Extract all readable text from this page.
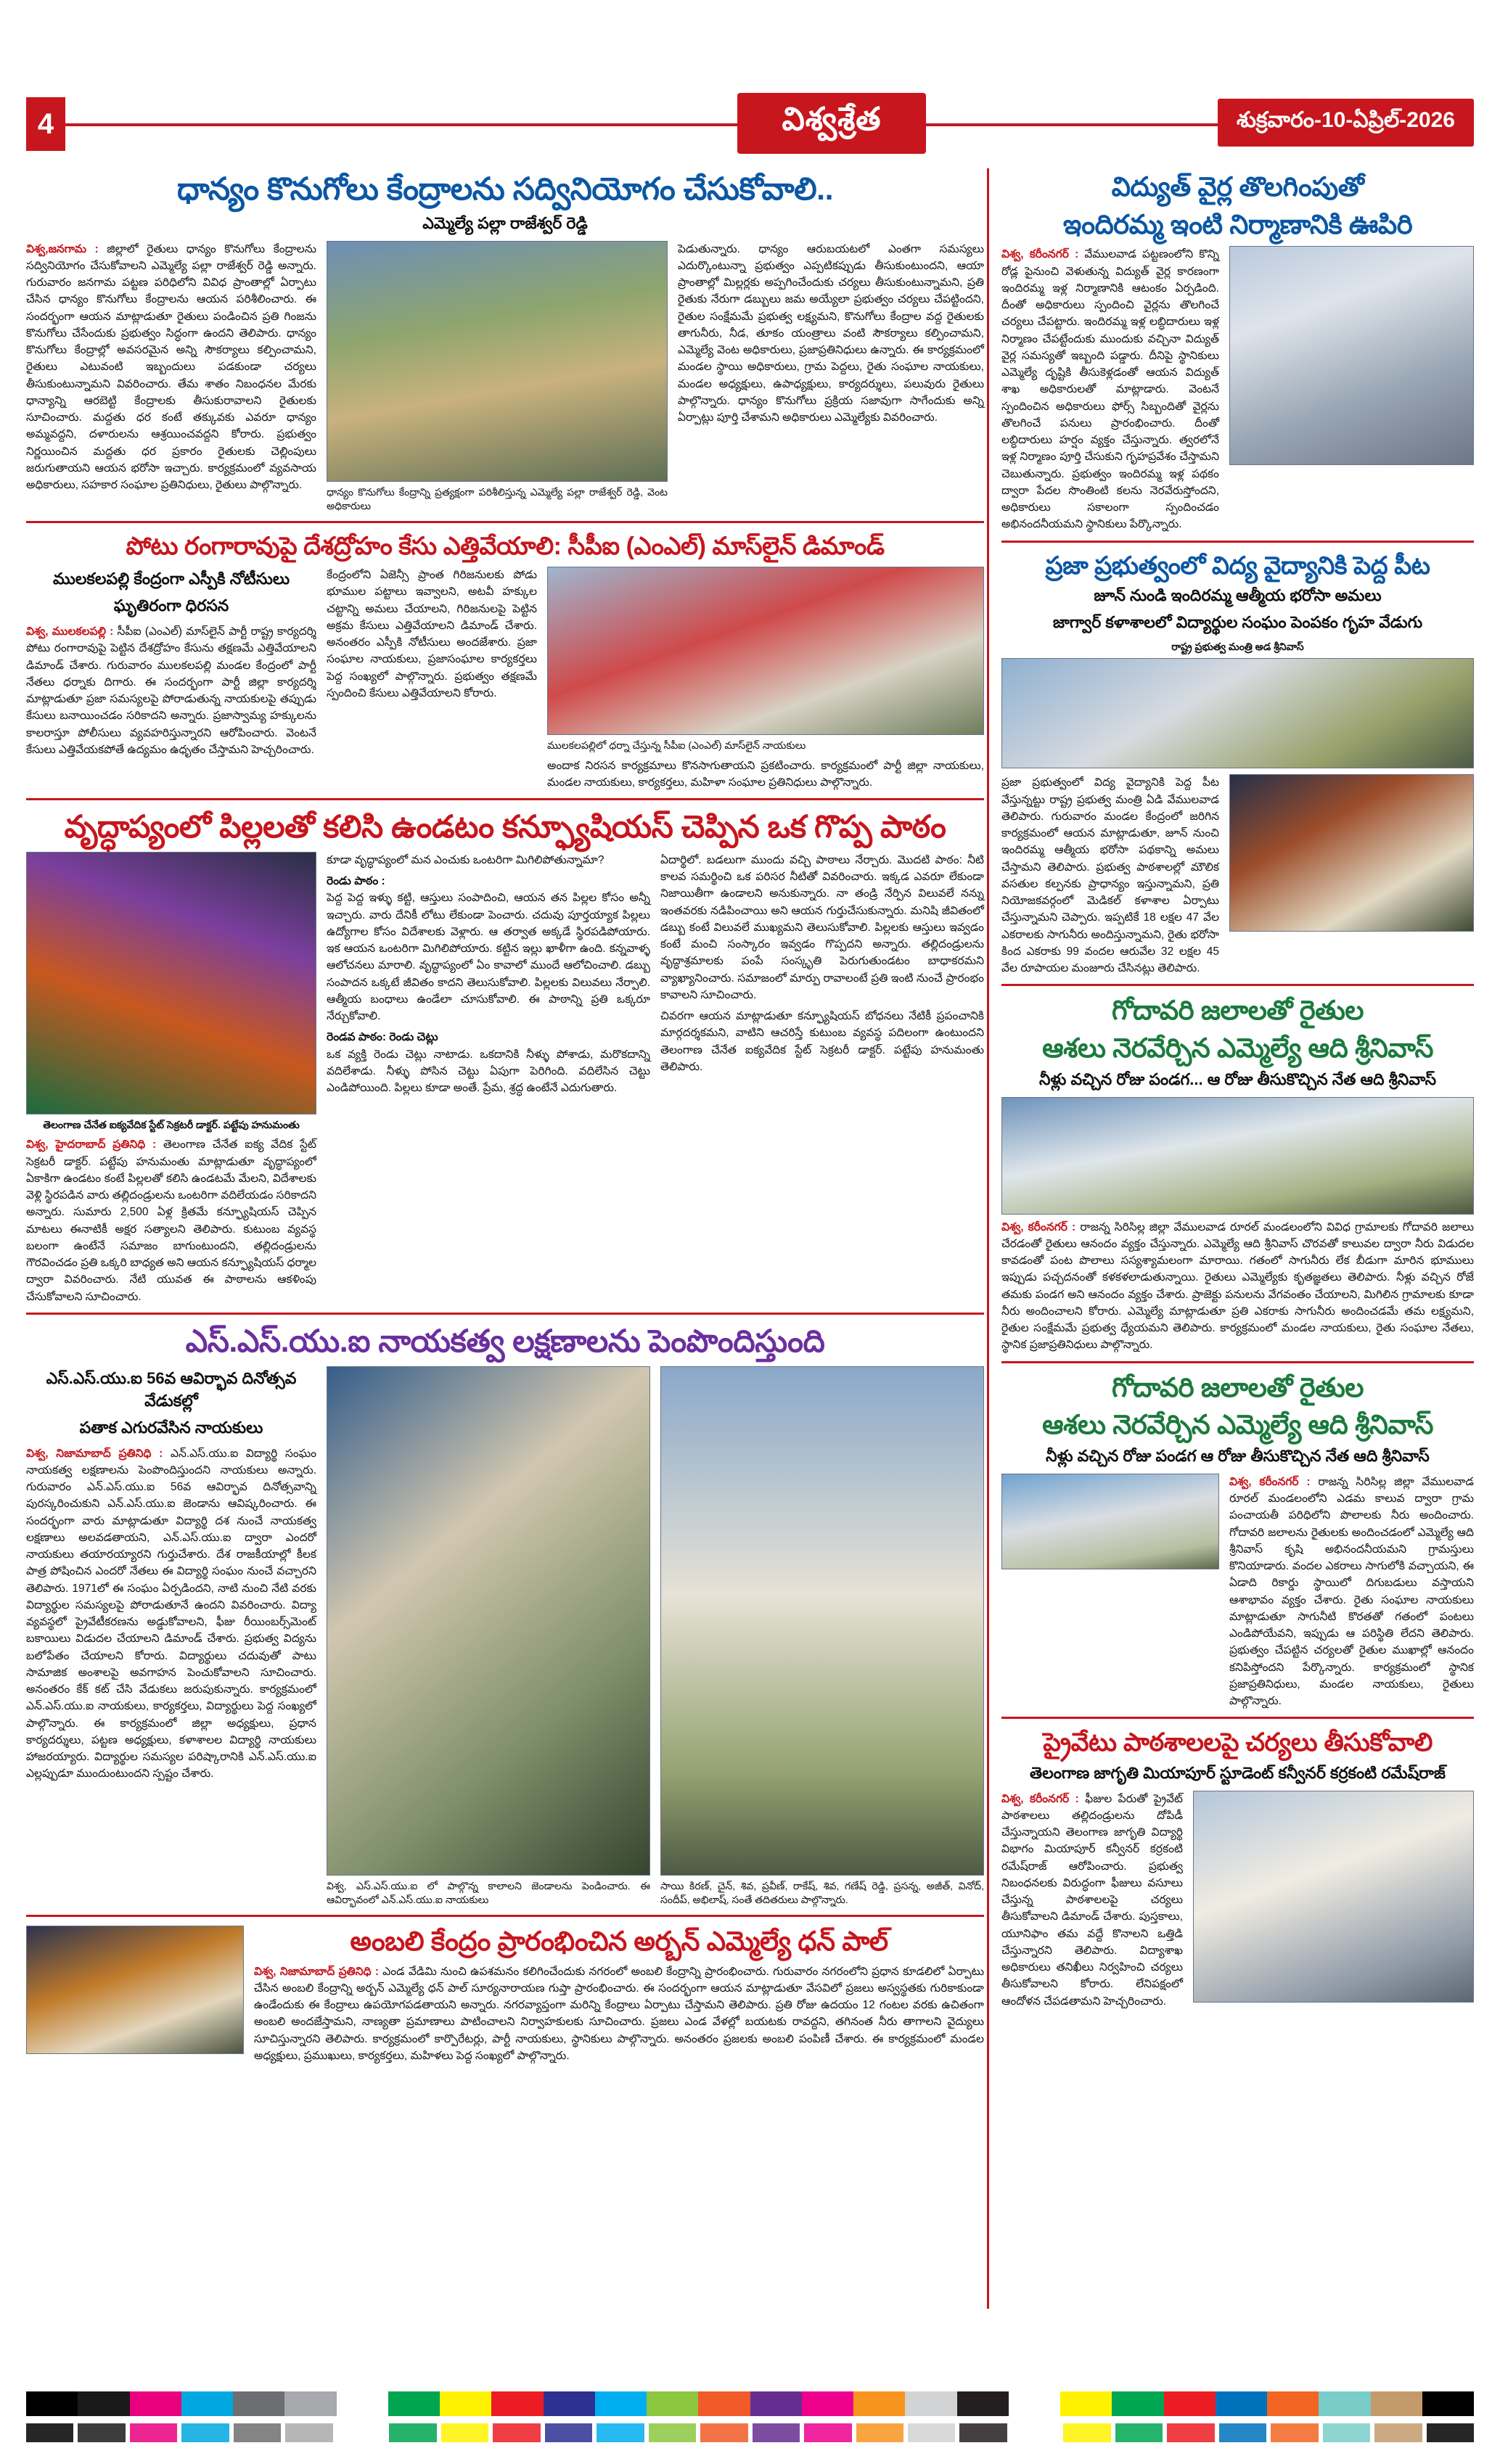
4	విశ్వశ్రేత	శుక్రవారం-10-ఏప్రిల్-2026
ధాన్యం కొనుగోలు కేంద్రాలను సద్వినియోగం చేసుకోవాలి..
ఎమ్మెల్యే పల్లా రాజేశ్వర్ రెడ్డి
విశ్వ,జనగామ : జిల్లాలో రైతులు ధాన్యం కొనుగోలు కేంద్రాలను సద్వినియోగం చేసుకోవాలని ఎమ్మెల్యే పల్లా రాజేశ్వర్ రెడ్డి అన్నారు. గురువారం జనగామ పట్టణ పరిధిలోని వివిధ ప్రాంతాల్లో ఏర్పాటు చేసిన ధాన్యం కొనుగోలు కేంద్రాలను ఆయన పరిశీలించారు. ఈ సందర్భంగా ఆయన మాట్లాడుతూ రైతులు పండించిన ప్రతి గింజను కొనుగోలు చేసేందుకు ప్రభుత్వం సిద్ధంగా ఉందని తెలిపారు. ధాన్యం కొనుగోలు కేంద్రాల్లో అవసరమైన అన్ని సౌకర్యాలు కల్పించామని, రైతులు ఎటువంటి ఇబ్బందులు పడకుండా చర్యలు తీసుకుంటున్నామని వివరించారు. తేమ శాతం నిబంధనల మేరకు ధాన్యాన్ని ఆరబెట్టి కేంద్రాలకు తీసుకురావాలని రైతులకు సూచించారు. మద్దతు ధర కంటే తక్కువకు ఎవరూ ధాన్యం అమ్మవద్దని, దళారులను ఆశ్రయించవద్దని కోరారు. ప్రభుత్వం నిర్ణయించిన మద్దతు ధర ప్రకారం రైతులకు చెల్లింపులు జరుగుతాయని ఆయన భరోసా ఇచ్చారు. కార్యక్రమంలో వ్యవసాయ అధికారులు, సహకార సంఘాల ప్రతినిధులు, రైతులు పాల్గొన్నారు.
ధాన్యం కొనుగోలు కేంద్రాన్ని ప్రత్యక్షంగా పరిశీలిస్తున్న ఎమ్మెల్యే పల్లా రాజేశ్వర్ రెడ్డి, వెంట అధికారులు
పెడుతున్నారు. ధాన్యం ఆరుబయటలో ఎంతగా సమస్యలు ఎదుర్కొంటున్నా ప్రభుత్వం ఎప్పటికప్పుడు తీసుకుంటుందని, ఆయా ప్రాంతాల్లో మిల్లర్లకు అప్పగించేందుకు చర్యలు తీసుకుంటున్నామని, ప్రతి రైతుకు నేరుగా డబ్బులు జమ అయ్యేలా ప్రభుత్వం చర్యలు చేపట్టిందని, రైతుల సంక్షేమమే ప్రభుత్వ లక్ష్యమని, కొనుగోలు కేంద్రాల వద్ద రైతులకు తాగునీరు, నీడ, తూకం యంత్రాలు వంటి సౌకర్యాలు కల్పించామని, ఎమ్మెల్యే వెంట అధికారులు, ప్రజాప్రతినిధులు ఉన్నారు. ఈ కార్యక్రమంలో మండల స్థాయి అధికారులు, గ్రామ పెద్దలు, రైతు సంఘాల నాయకులు, మండల అధ్యక్షులు, ఉపాధ్యక్షులు, కార్యదర్శులు, పలువురు రైతులు పాల్గొన్నారు. ధాన్యం కొనుగోలు ప్రక్రియ సజావుగా సాగేందుకు అన్ని ఏర్పాట్లు పూర్తి చేశామని అధికారులు ఎమ్మెల్యేకు వివరించారు.
పోటు రంగారావుపై దేశద్రోహం కేసు ఎత్తివేయాలి: సీపీఐ (ఎంఎల్) మాస్‌లైన్ డిమాండ్
ములకలపల్లి కేంద్రంగా ఎస్పీకి నోటీసులు
ఘృతిరంగా ధిరసన
విశ్వ, ములకలపల్లి : సీపీఐ (ఎంఎల్) మాస్‌లైన్ పార్టీ రాష్ట్ర కార్యదర్శి పోటు రంగారావుపై పెట్టిన దేశద్రోహం కేసును తక్షణమే ఎత్తివేయాలని డిమాండ్ చేశారు. గురువారం ములకలపల్లి మండల కేంద్రంలో పార్టీ నేతలు ధర్నాకు దిగారు. ఈ సందర్భంగా పార్టీ జిల్లా కార్యదర్శి మాట్లాడుతూ ప్రజా సమస్యలపై పోరాడుతున్న నాయకులపై తప్పుడు కేసులు బనాయించడం సరికాదని అన్నారు. ప్రజాస్వామ్య హక్కులను కాలరాస్తూ పోలీసులు వ్యవహరిస్తున్నారని ఆరోపించారు. వెంటనే కేసులు ఎత్తివేయకపోతే ఉద్యమం ఉధృతం చేస్తామని హెచ్చరించారు.
కేంద్రంలోని ఏజెన్సీ ప్రాంత గిరిజనులకు పోడు భూముల పట్టాలు ఇవ్వాలని, అటవీ హక్కుల చట్టాన్ని అమలు చేయాలని, గిరిజనులపై పెట్టిన అక్రమ కేసులు ఎత్తివేయాలని డిమాండ్ చేశారు. అనంతరం ఎస్పీకి నోటీసులు అందజేశారు. ప్రజా సంఘాల నాయకులు, ప్రజాసంఘాల కార్యకర్తలు పెద్ద సంఖ్యలో పాల్గొన్నారు. ప్రభుత్వం తక్షణమే స్పందించి కేసులు ఎత్తివేయాలని కోరారు.
ములకలపల్లిలో ధర్నా చేస్తున్న సీపీఐ (ఎంఎల్) మాస్‌లైన్ నాయకులు
అందాక నిరసన కార్యక్రమాలు కొనసాగుతాయని ప్రకటించారు. కార్యక్రమంలో పార్టీ జిల్లా నాయకులు, మండల నాయకులు, కార్యకర్తలు, మహిళా సంఘాల ప్రతినిధులు పాల్గొన్నారు.
వృద్ధాప్యంలో పిల్లలతో కలిసి ఉండటం కన్ఫ్యూషియస్ చెప్పిన ఒక గొప్ప పాఠం
తెలంగాణ చేనేత ఐక్యవేదిక స్టేట్ సెక్రటరీ డాక్టర్. పట్టేపు హనుమంతు
విశ్వ, హైదరాబాద్ ప్రతినిధి : తెలంగాణ చేనేత ఐక్య వేదిక స్టేట్ సెక్రటరీ డాక్టర్. పట్టేపు హనుమంతు మాట్లాడుతూ వృద్ధాప్యంలో ఏకాకిగా ఉండటం కంటే పిల్లలతో కలిసి ఉండటమే మేలని, విదేశాలకు వెళ్లి స్థిరపడిన వారు తల్లిదండ్రులను ఒంటరిగా వదిలేయడం సరికాదని అన్నారు. సుమారు 2,500 ఏళ్ల క్రితమే కన్ఫ్యూషియస్ చెప్పిన మాటలు ఈనాటికీ అక్షర సత్యాలని తెలిపారు. కుటుంబ వ్యవస్థ బలంగా ఉంటేనే సమాజం బాగుంటుందని, తల్లిదండ్రులను గౌరవించడం ప్రతి ఒక్కరి బాధ్యత అని ఆయన కన్ఫ్యూషియస్ ధర్మాల ద్వారా వివరించారు. నేటి యువత ఈ పాఠాలను ఆకళింపు చేసుకోవాలని సూచించారు.
కూడా వృద్ధాప్యంలో మన ఎంచుకు ఒంటరిగా మిగిలిపోతున్నామా?
రెండు పాఠం :
పెద్ద పెద్ద ఇళ్ళు కట్టి, ఆస్తులు సంపాదించి, ఆయన తన పిల్లల కోసం అన్నీ ఇచ్చారు. వారు దేనికీ లోటు లేకుండా పెంచారు. చదువు పూర్తయ్యాక పిల్లలు ఉద్యోగాల కోసం విదేశాలకు వెళ్లారు. ఆ తర్వాత అక్కడే స్థిరపడిపోయారు. ఇక ఆయన ఒంటరిగా మిగిలిపోయారు. కట్టిన ఇల్లు ఖాళీగా ఉంది. కన్నవాళ్ళ ఆలోచనలు మారాలి. వృద్ధాప్యంలో ఏం కావాలో ముందే ఆలోచించాలి. డబ్బు సంపాదన ఒక్కటే జీవితం కాదని తెలుసుకోవాలి. పిల్లలకు విలువలు నేర్పాలి. ఆత్మీయ బంధాలు ఉండేలా చూసుకోవాలి. ఈ పాఠాన్ని ప్రతి ఒక్కరూ నేర్చుకోవాలి.
రెండవ పాఠం: రెండు చెట్లు
ఒక వ్యక్తి రెండు చెట్లు నాటాడు. ఒకదానికి నీళ్ళు పోశాడు, మరొకదాన్ని వదిలేశాడు. నీళ్ళు పోసిన చెట్టు ఏపుగా పెరిగింది. వదిలేసిన చెట్టు ఎండిపోయింది. పిల్లలు కూడా అంతే. ప్రేమ, శ్రద్ధ ఉంటేనే ఎదుగుతారు.
ఏదార్థిలో. బడలుగా ముందు వచ్చి పాఠాలు నేర్చారు. మొదటి పాఠం: నీటి కాలవ సమర్థించి ఒక పరిసర నీటితో వివరించారు. ఇక్కడ ఎవరూ లేకుండా నిజాయితీగా ఉండాలని అనుకున్నారు. నా తండ్రి నేర్పిన విలువలే నన్ను ఇంతవరకు నడిపించాయి అని ఆయన గుర్తుచేసుకున్నారు. మనిషి జీవితంలో డబ్బు కంటే విలువలే ముఖ్యమని తెలుసుకోవాలి. పిల్లలకు ఆస్తులు ఇవ్వడం కంటే మంచి సంస్కారం ఇవ్వడం గొప్పదని అన్నారు. తల్లిదండ్రులను వృద్ధాశ్రమాలకు పంపే సంస్కృతి పెరుగుతుండటం బాధాకరమని వ్యాఖ్యానించారు. సమాజంలో మార్పు రావాలంటే ప్రతి ఇంటి నుంచే ప్రారంభం కావాలని సూచించారు.
చివరగా ఆయన మాట్లాడుతూ కన్ఫ్యూషియస్ బోధనలు నేటికీ ప్రపంచానికి మార్గదర్శకమని, వాటిని ఆచరిస్తే కుటుంబ వ్యవస్థ పదిలంగా ఉంటుందని తెలంగాణ చేనేత ఐక్యవేదిక స్టేట్ సెక్రటరీ డాక్టర్. పట్టేపు హనుమంతు తెలిపారు.
ఎస్.ఎస్.యు.ఐ నాయకత్వ లక్షణాలను పెంపొందిస్తుంది
ఎస్.ఎస్.యు.ఐ 56వ ఆవిర్భావ దినోత్సవ వేడుకల్లో
పతాక ఎగురవేసిన నాయకులు
విశ్వ, నిజామాబాద్ ప్రతినిధి : ఎన్.ఎస్.యు.ఐ విద్యార్థి సంఘం నాయకత్వ లక్షణాలను పెంపొందిస్తుందని నాయకులు అన్నారు. గురువారం ఎన్.ఎస్.యు.ఐ 56వ ఆవిర్భావ దినోత్సవాన్ని పురస్కరించుకుని ఎన్.ఎస్.యు.ఐ జెండాను ఆవిష్కరించారు. ఈ సందర్భంగా వారు మాట్లాడుతూ విద్యార్థి దశ నుంచే నాయకత్వ లక్షణాలు అలవడతాయని, ఎన్.ఎస్.యు.ఐ ద్వారా ఎందరో నాయకులు తయారయ్యారని గుర్తుచేశారు. దేశ రాజకీయాల్లో కీలక పాత్ర పోషించిన ఎందరో నేతలు ఈ విద్యార్థి సంఘం నుంచే వచ్చారని తెలిపారు. 1971లో ఈ సంఘం ఏర్పడిందని, నాటి నుంచి నేటి వరకు విద్యార్థుల సమస్యలపై పోరాడుతూనే ఉందని వివరించారు. విద్యా వ్యవస్థలో ప్రైవేటీకరణను అడ్డుకోవాలని, ఫీజు రీయింబర్స్‌మెంట్ బకాయిలు విడుదల చేయాలని డిమాండ్ చేశారు. ప్రభుత్వ విద్యను బలోపేతం చేయాలని కోరారు. విద్యార్థులు చదువుతో పాటు సామాజిక అంశాలపై అవగాహన పెంచుకోవాలని సూచించారు. అనంతరం కేక్ కట్ చేసి వేడుకలు జరుపుకున్నారు. కార్యక్రమంలో ఎన్.ఎస్.యు.ఐ నాయకులు, కార్యకర్తలు, విద్యార్థులు పెద్ద సంఖ్యలో పాల్గొన్నారు. ఈ కార్యక్రమంలో జిల్లా అధ్యక్షులు, ప్రధాన కార్యదర్శులు, పట్టణ అధ్యక్షులు, కళాశాలల విద్యార్థి నాయకులు హాజరయ్యారు. విద్యార్థుల సమస్యల పరిష్కారానికి ఎన్.ఎస్.యు.ఐ ఎల్లప్పుడూ ముందుంటుందని స్పష్టం చేశారు.
విశ్వ, ఎస్.ఎస్.యు.ఐ లో పాల్గొన్న కాలాలని జెండాలను పెండించారు. ఈ ఆవిర్భావంలో ఎన్.ఎస్.యు.ఐ నాయకులు
సాయి కిరణ్, చైన్, శివ, ప్రవీణ్, రాకేష్, శివ, గణేష్ రెడ్డి, ప్రసన్న, అజీత్, వినోద్, సందీప్, అభిలాష్, సంతే తదితరులు పాల్గొన్నారు.
అంబలి కేంద్రం ప్రారంభించిన అర్బన్ ఎమ్మెల్యే ధన్ పాల్
విశ్వ, నిజామాబాద్ ప్రతినిధి : ఎండ వేడిమి నుంచి ఉపశమనం కలిగించేందుకు నగరంలో అంబలి కేంద్రాన్ని ప్రారంభించారు. గురువారం నగరంలోని ప్రధాన కూడలిలో ఏర్పాటు చేసిన అంబలి కేంద్రాన్ని అర్బన్ ఎమ్మెల్యే ధన్ పాల్ సూర్యనారాయణ గుప్తా ప్రారంభించారు. ఈ సందర్భంగా ఆయన మాట్లాడుతూ వేసవిలో ప్రజలు అస్వస్థతకు గురికాకుండా ఉండేందుకు ఈ కేంద్రాలు ఉపయోగపడతాయని అన్నారు. నగరవ్యాప్తంగా మరిన్ని కేంద్రాలు ఏర్పాటు చేస్తామని తెలిపారు. ప్రతి రోజు ఉదయం 12 గంటల వరకు ఉచితంగా అంబలి అందజేస్తామని, నాణ్యతా ప్రమాణాలు పాటించాలని నిర్వాహకులకు సూచించారు. ప్రజలు ఎండ వేళల్లో బయటకు రావద్దని, తగినంత నీరు తాగాలని వైద్యులు సూచిస్తున్నారని తెలిపారు. కార్యక్రమంలో కార్పొరేటర్లు, పార్టీ నాయకులు, స్థానికులు పాల్గొన్నారు. అనంతరం ప్రజలకు అంబలి పంపిణీ చేశారు. ఈ కార్యక్రమంలో మండల అధ్యక్షులు, ప్రముఖులు, కార్యకర్తలు, మహిళలు పెద్ద సంఖ్యలో పాల్గొన్నారు.
విద్యుత్ వైర్ల తొలగింపుతో
ఇందిరమ్మ ఇంటి నిర్మాణానికి ఊపిరి
విశ్వ, కరీంనగర్ : వేములవాడ పట్టణంలోని కొన్ని రోడ్ల పైనుంచి వెళుతున్న విద్యుత్ వైర్ల కారణంగా ఇందిరమ్మ ఇళ్ల నిర్మాణానికి ఆటంకం ఏర్పడింది. దీంతో అధికారులు స్పందించి వైర్లను తొలగించే చర్యలు చేపట్టారు. ఇందిరమ్మ ఇళ్ల లబ్ధిదారులు ఇళ్ల నిర్మాణం చేపట్టేందుకు ముందుకు వచ్చినా విద్యుత్ వైర్ల సమస్యతో ఇబ్బంది పడ్డారు. దీనిపై స్థానికులు ఎమ్మెల్యే దృష్టికి తీసుకెళ్లడంతో ఆయన విద్యుత్ శాఖ అధికారులతో మాట్లాడారు. వెంటనే స్పందించిన అధికారులు ఫోర్స్ సిబ్బందితో వైర్లను తొలగించే పనులు ప్రారంభించారు. దీంతో లబ్ధిదారులు హర్షం వ్యక్తం చేస్తున్నారు. త్వరలోనే ఇళ్ల నిర్మాణం పూర్తి చేసుకుని గృహప్రవేశం చేస్తామని చెబుతున్నారు. ప్రభుత్వం ఇందిరమ్మ ఇళ్ల పథకం ద్వారా పేదల సొంతింటి కలను నెరవేరుస్తోందని, అధికారులు సకాలంగా స్పందించడం అభినందనీయమని స్థానికులు పేర్కొన్నారు.
ప్రజా ప్రభుత్వంలో విద్య వైద్యానికి పెద్ద పీట
జూన్ నుండి ఇందిరమ్మ ఆత్మీయ భరోసా అమలు
జాగ్వార్ కళాశాలలో విద్యార్థుల సంఘం పెంపకం గృహ వేడుగు
రాష్ట్ర ప్రభుత్వ మంత్రి అడ శ్రీనివాస్
ప్రజా ప్రభుత్వంలో విద్య వైద్యానికి పెద్ద పీట వేస్తున్నట్టు రాష్ట్ర ప్రభుత్వ మంత్రి ఏడి వేములవాడ తెలిపారు. గురువారం మండల కేంద్రంలో జరిగిన కార్యక్రమంలో ఆయన మాట్లాడుతూ, జూన్ నుంచి ఇందిరమ్మ ఆత్మీయ భరోసా పథకాన్ని అమలు చేస్తామని తెలిపారు. ప్రభుత్వ పాఠశాలల్లో మౌలిక వసతుల కల్పనకు ప్రాధాన్యం ఇస్తున్నామని, ప్రతి నియోజకవర్గంలో మెడికల్ కళాశాల ఏర్పాటు చేస్తున్నామని చెప్పారు. ఇప్పటికే 18 లక్షల 47 వేల ఎకరాలకు సాగునీరు అందిస్తున్నామని, రైతు భరోసా కింద ఎకరాకు 99 వందల ఆరువేల 32 లక్షల 45 వేల రూపాయల మంజూరు చేసినట్లు తెలిపారు.
గోదావరి జలాలతో రైతుల
ఆశలు నెరవేర్చిన ఎమ్మెల్యే ఆది శ్రీనివాస్
నీళ్లు వచ్చిన రోజు పండగ... ఆ రోజు తీసుకొచ్చిన నేత ఆది శ్రీనివాస్
విశ్వ, కరీంనగర్ : రాజన్న సిరిసిల్ల జిల్లా వేములవాడ రూరల్ మండలంలోని వివిధ గ్రామాలకు గోదావరి జలాలు చేరడంతో రైతులు ఆనందం వ్యక్తం చేస్తున్నారు. ఎమ్మెల్యే ఆది శ్రీనివాస్ చొరవతో కాలువల ద్వారా నీరు విడుదల కావడంతో పంట పొలాలు సస్యశ్యామలంగా మారాయి. గతంలో సాగునీరు లేక బీడుగా మారిన భూములు ఇప్పుడు పచ్చదనంతో కళకళలాడుతున్నాయి. రైతులు ఎమ్మెల్యేకు కృతజ్ఞతలు తెలిపారు. నీళ్లు వచ్చిన రోజే తమకు పండగ అని ఆనందం వ్యక్తం చేశారు. ప్రాజెక్టు పనులను వేగవంతం చేయాలని, మిగిలిన గ్రామాలకు కూడా నీరు అందించాలని కోరారు. ఎమ్మెల్యే మాట్లాడుతూ ప్రతి ఎకరాకు సాగునీరు అందించడమే తమ లక్ష్యమని, రైతుల సంక్షేమమే ప్రభుత్వ ధ్యేయమని తెలిపారు. కార్యక్రమంలో మండల నాయకులు, రైతు సంఘాల నేతలు, స్థానిక ప్రజాప్రతినిధులు పాల్గొన్నారు.
గోదావరి జలాలతో రైతుల
ఆశలు నెరవేర్చిన ఎమ్మెల్యే ఆది శ్రీనివాస్
నీళ్లు వచ్చిన రోజు పండగ ఆ రోజు తీసుకొచ్చిన నేత ఆది శ్రీనివాస్
విశ్వ, కరీంనగర్ : రాజన్న సిరిసిల్ల జిల్లా వేములవాడ రూరల్ మండలంలోని ఎడమ కాలువ ద్వారా గ్రామ పంచాయతీ పరిధిలోని పొలాలకు నీరు అందించారు. గోదావరి జలాలను రైతులకు అందించడంలో ఎమ్మెల్యే ఆది శ్రీనివాస్ కృషి అభినందనీయమని గ్రామస్తులు కొనియాడారు. వందల ఎకరాలు సాగులోకి వచ్చాయని, ఈ ఏడాది రికార్డు స్థాయిలో దిగుబడులు వస్తాయని ఆశాభావం వ్యక్తం చేశారు. రైతు సంఘాల నాయకులు మాట్లాడుతూ సాగునీటి కొరతతో గతంలో పంటలు ఎండిపోయేవని, ఇప్పుడు ఆ పరిస్థితి లేదని తెలిపారు. ప్రభుత్వం చేపట్టిన చర్యలతో రైతుల ముఖాల్లో ఆనందం కనిపిస్తోందని పేర్కొన్నారు. కార్యక్రమంలో స్థానిక ప్రజాప్రతినిధులు, మండల నాయకులు, రైతులు పాల్గొన్నారు.
ప్రైవేటు పాఠశాలలపై చర్యలు తీసుకోవాలి
తెలంగాణ జాగృతి మియాపూర్ స్టూడెంట్ కన్వీనర్ కర్రకంటి రమేష్‌రాజ్
విశ్వ, కరీంనగర్ : ఫీజుల పేరుతో ప్రైవేట్ పాఠశాలలు తల్లిదండ్రులను దోపిడీ చేస్తున్నాయని తెలంగాణ జాగృతి విద్యార్థి విభాగం మియాపూర్ కన్వీనర్ కర్రకంటి రమేష్‌రాజ్ ఆరోపించారు. ప్రభుత్వ నిబంధనలకు విరుద్ధంగా ఫీజులు వసూలు చేస్తున్న పాఠశాలలపై చర్యలు తీసుకోవాలని డిమాండ్ చేశారు. పుస్తకాలు, యూనిఫాం తమ వద్దే కొనాలని ఒత్తిడి చేస్తున్నారని తెలిపారు. విద్యాశాఖ అధికారులు తనిఖీలు నిర్వహించి చర్యలు తీసుకోవాలని కోరారు. లేనిపక్షంలో ఆందోళన చేపడతామని హెచ్చరించారు.
